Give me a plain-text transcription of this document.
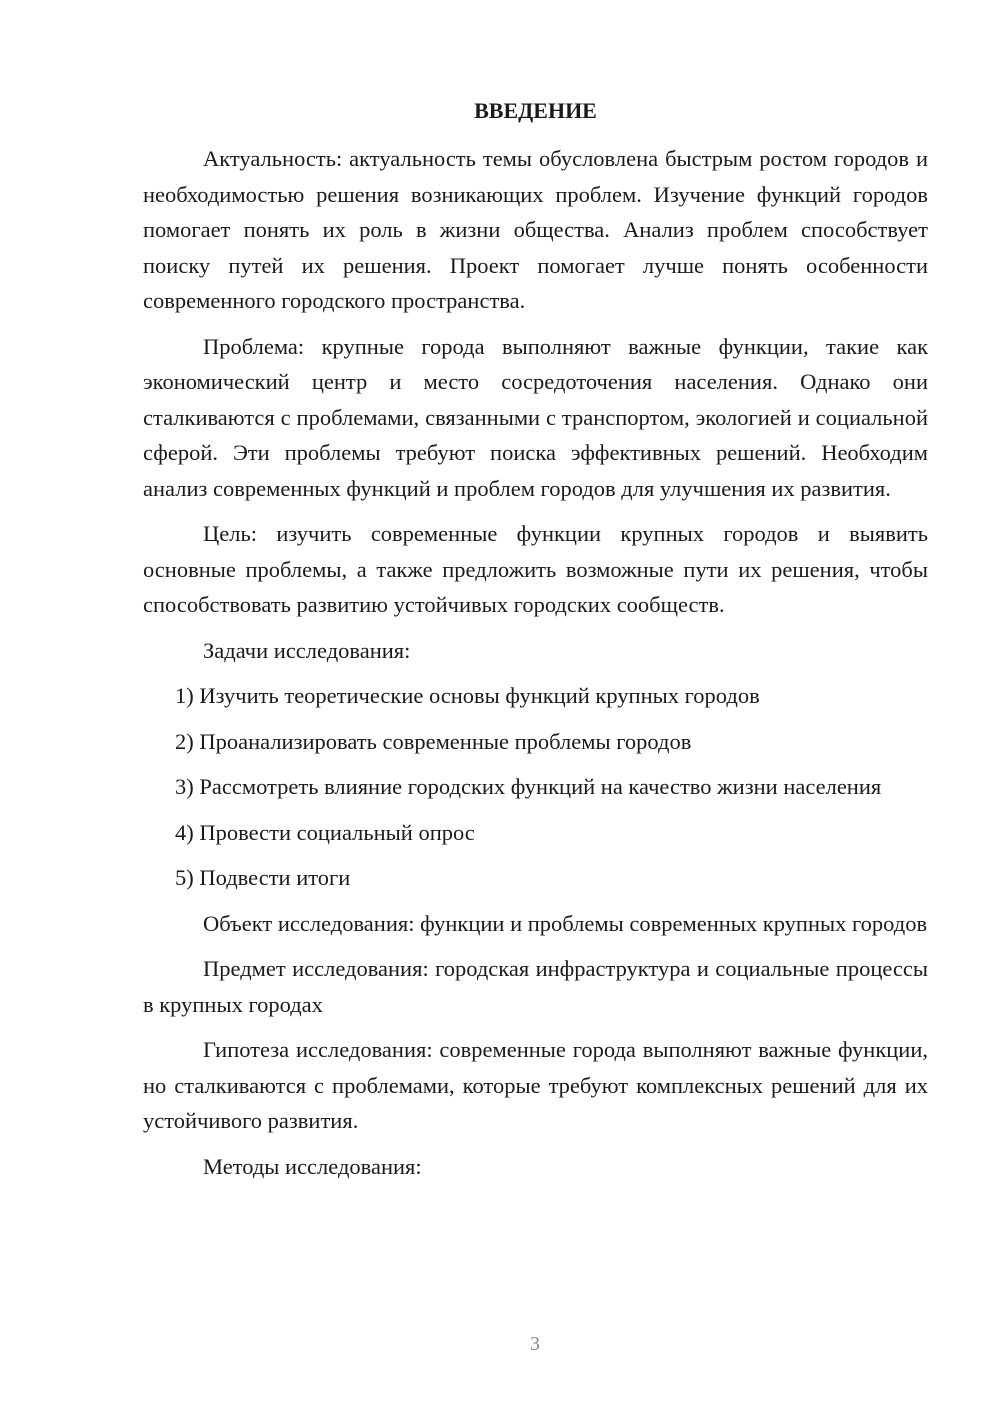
ВВЕДЕНИЕ

Актуальность: актуальность темы обусловлена быстрым ростом городов и необходимостью решения возникающих проблем. Изучение функций городов помогает понять их роль в жизни общества. Анализ проблем способствует поиску путей их решения. Проект помогает лучше понять особенности современного городского пространства.

Проблема: крупные города выполняют важные функции, такие как экономический центр и место сосредоточения населения. Однако они сталкиваются с проблемами, связанными с транспортом, экологией и социальной сферой. Эти проблемы требуют поиска эффективных решений. Необходим анализ современных функций и проблем городов для улучшения их развития.

Цель: изучить современные функции крупных городов и выявить основные проблемы, а также предложить возможные пути их решения, чтобы способствовать развитию устойчивых городских сообществ.

Задачи исследования:

1) Изучить теоретические основы функций крупных городов

2) Проанализировать современные проблемы городов

3) Рассмотреть влияние городских функций на качество жизни населения

4) Провести социальный опрос

5) Подвести итоги

Объект исследования: функции и проблемы современных крупных городов

Предмет исследования: городская инфраструктура и социальные процессы в крупных городах

Гипотеза исследования: современные города выполняют важные функции, но сталкиваются с проблемами, которые требуют комплексных решений для их устойчивого развития.

Методы исследования:

3
